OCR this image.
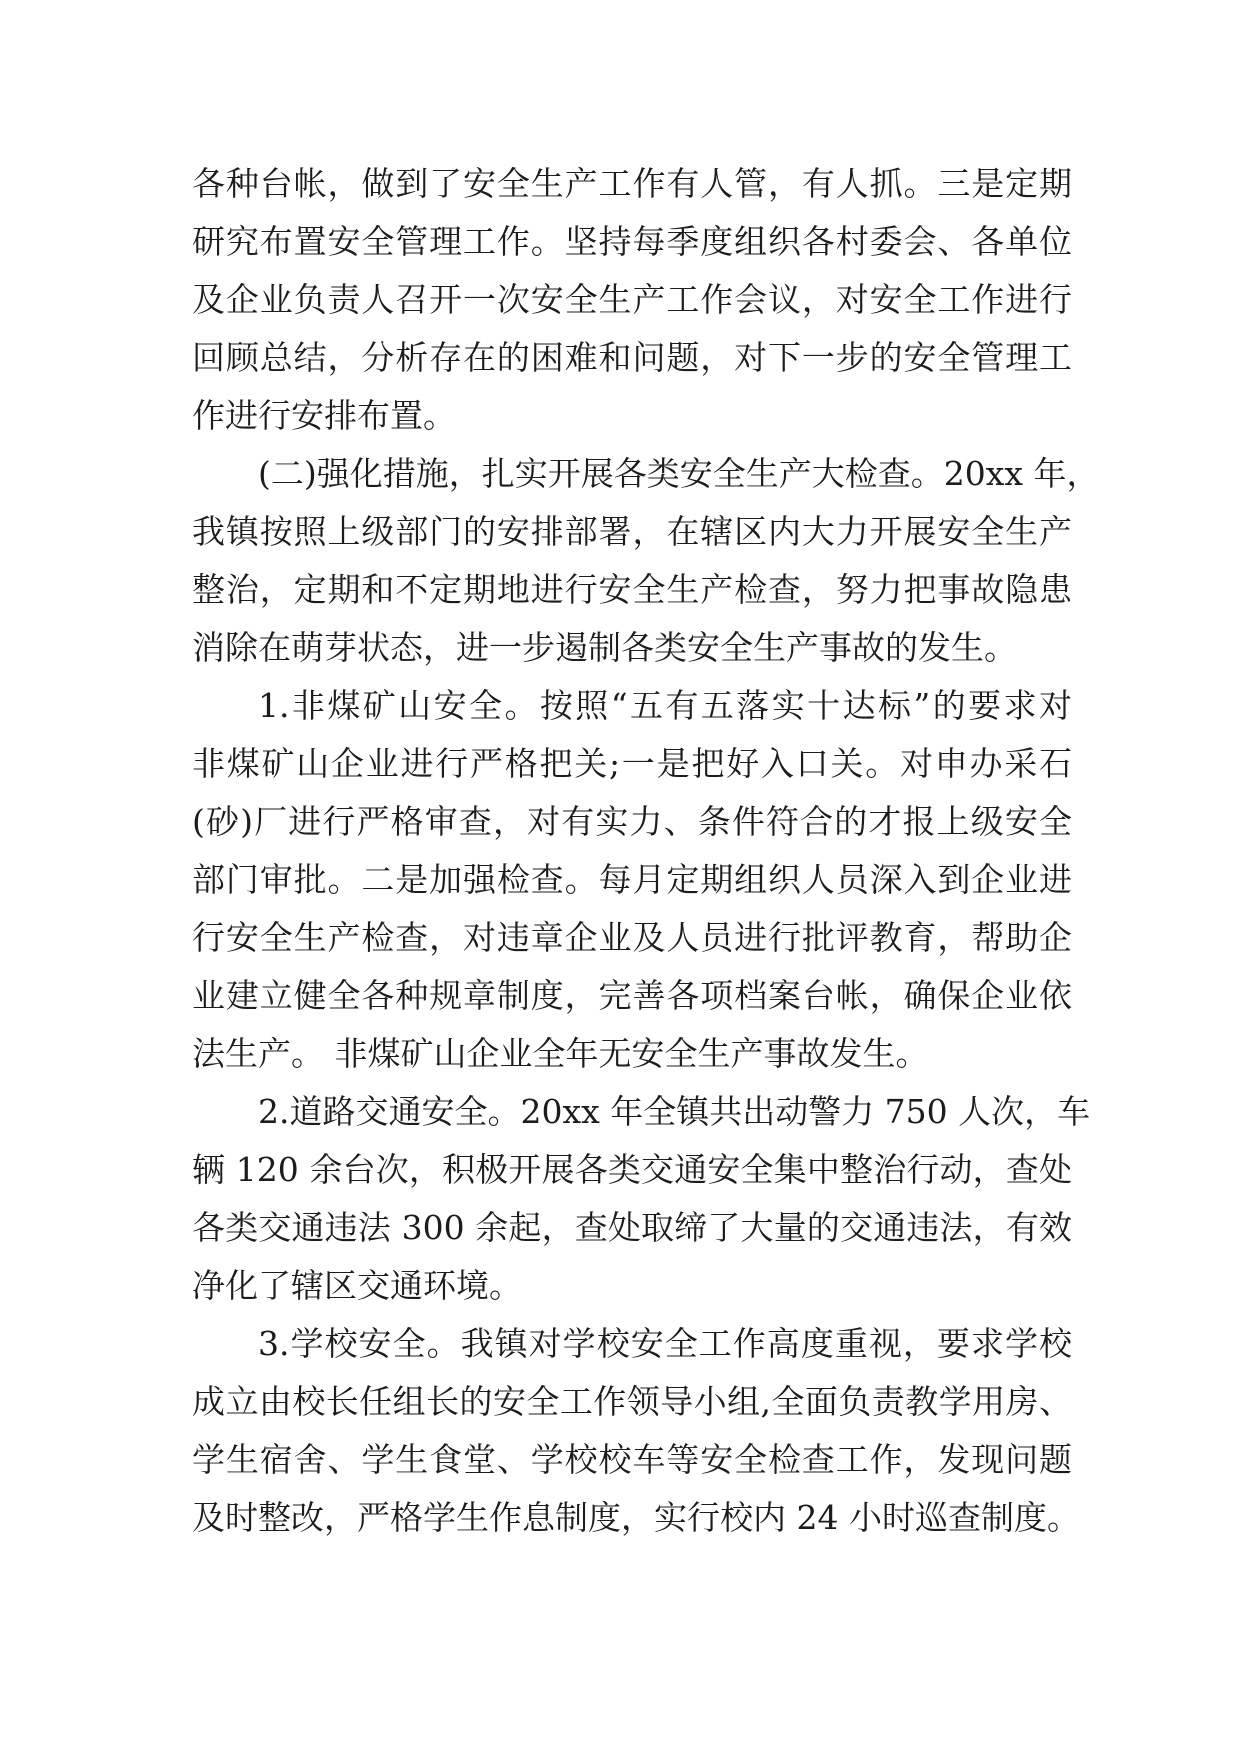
各种台帐，做到了安全生产工作有人管，有人抓。三是定期
研究布置安全管理工作。坚持每季度组织各村委会、各单位
及企业负责人召开一次安全生产工作会议，对安全工作进行
回顾总结，分析存在的困难和问题，对下一步的安全管理工
作进行安排布置。
(二)强化措施，扎实开展各类安全生产大检查。20xx 年，
我镇按照上级部门的安排部署，在辖区内大力开展安全生产
整治，定期和不定期地进行安全生产检查，努力把事故隐患
消除在萌芽状态，进一步遏制各类安全生产事故的发生。
1.非煤矿山安全。按照“五有五落实十达标”的要求对
非煤矿山企业进行严格把关;一是把好入口关。对申办采石
(砂)厂进行严格审查，对有实力、条件符合的才报上级安全
部门审批。二是加强检查。每月定期组织人员深入到企业进
行安全生产检查，对违章企业及人员进行批评教育，帮助企
业建立健全各种规章制度，完善各项档案台帐，确保企业依
法生产。 非煤矿山企业全年无安全生产事故发生。
2.道路交通安全。20xx 年全镇共出动警力 750 人次，车
辆 120 余台次，积极开展各类交通安全集中整治行动，查处
各类交通违法 300 余起，查处取缔了大量的交通违法，有效
净化了辖区交通环境。
3.学校安全。我镇对学校安全工作高度重视，要求学校
成立由校长任组长的安全工作领导小组,全面负责教学用房、
学生宿舍、学生食堂、学校校车等安全检查工作，发现问题
及时整改，严格学生作息制度，实行校内 24 小时巡查制度。
